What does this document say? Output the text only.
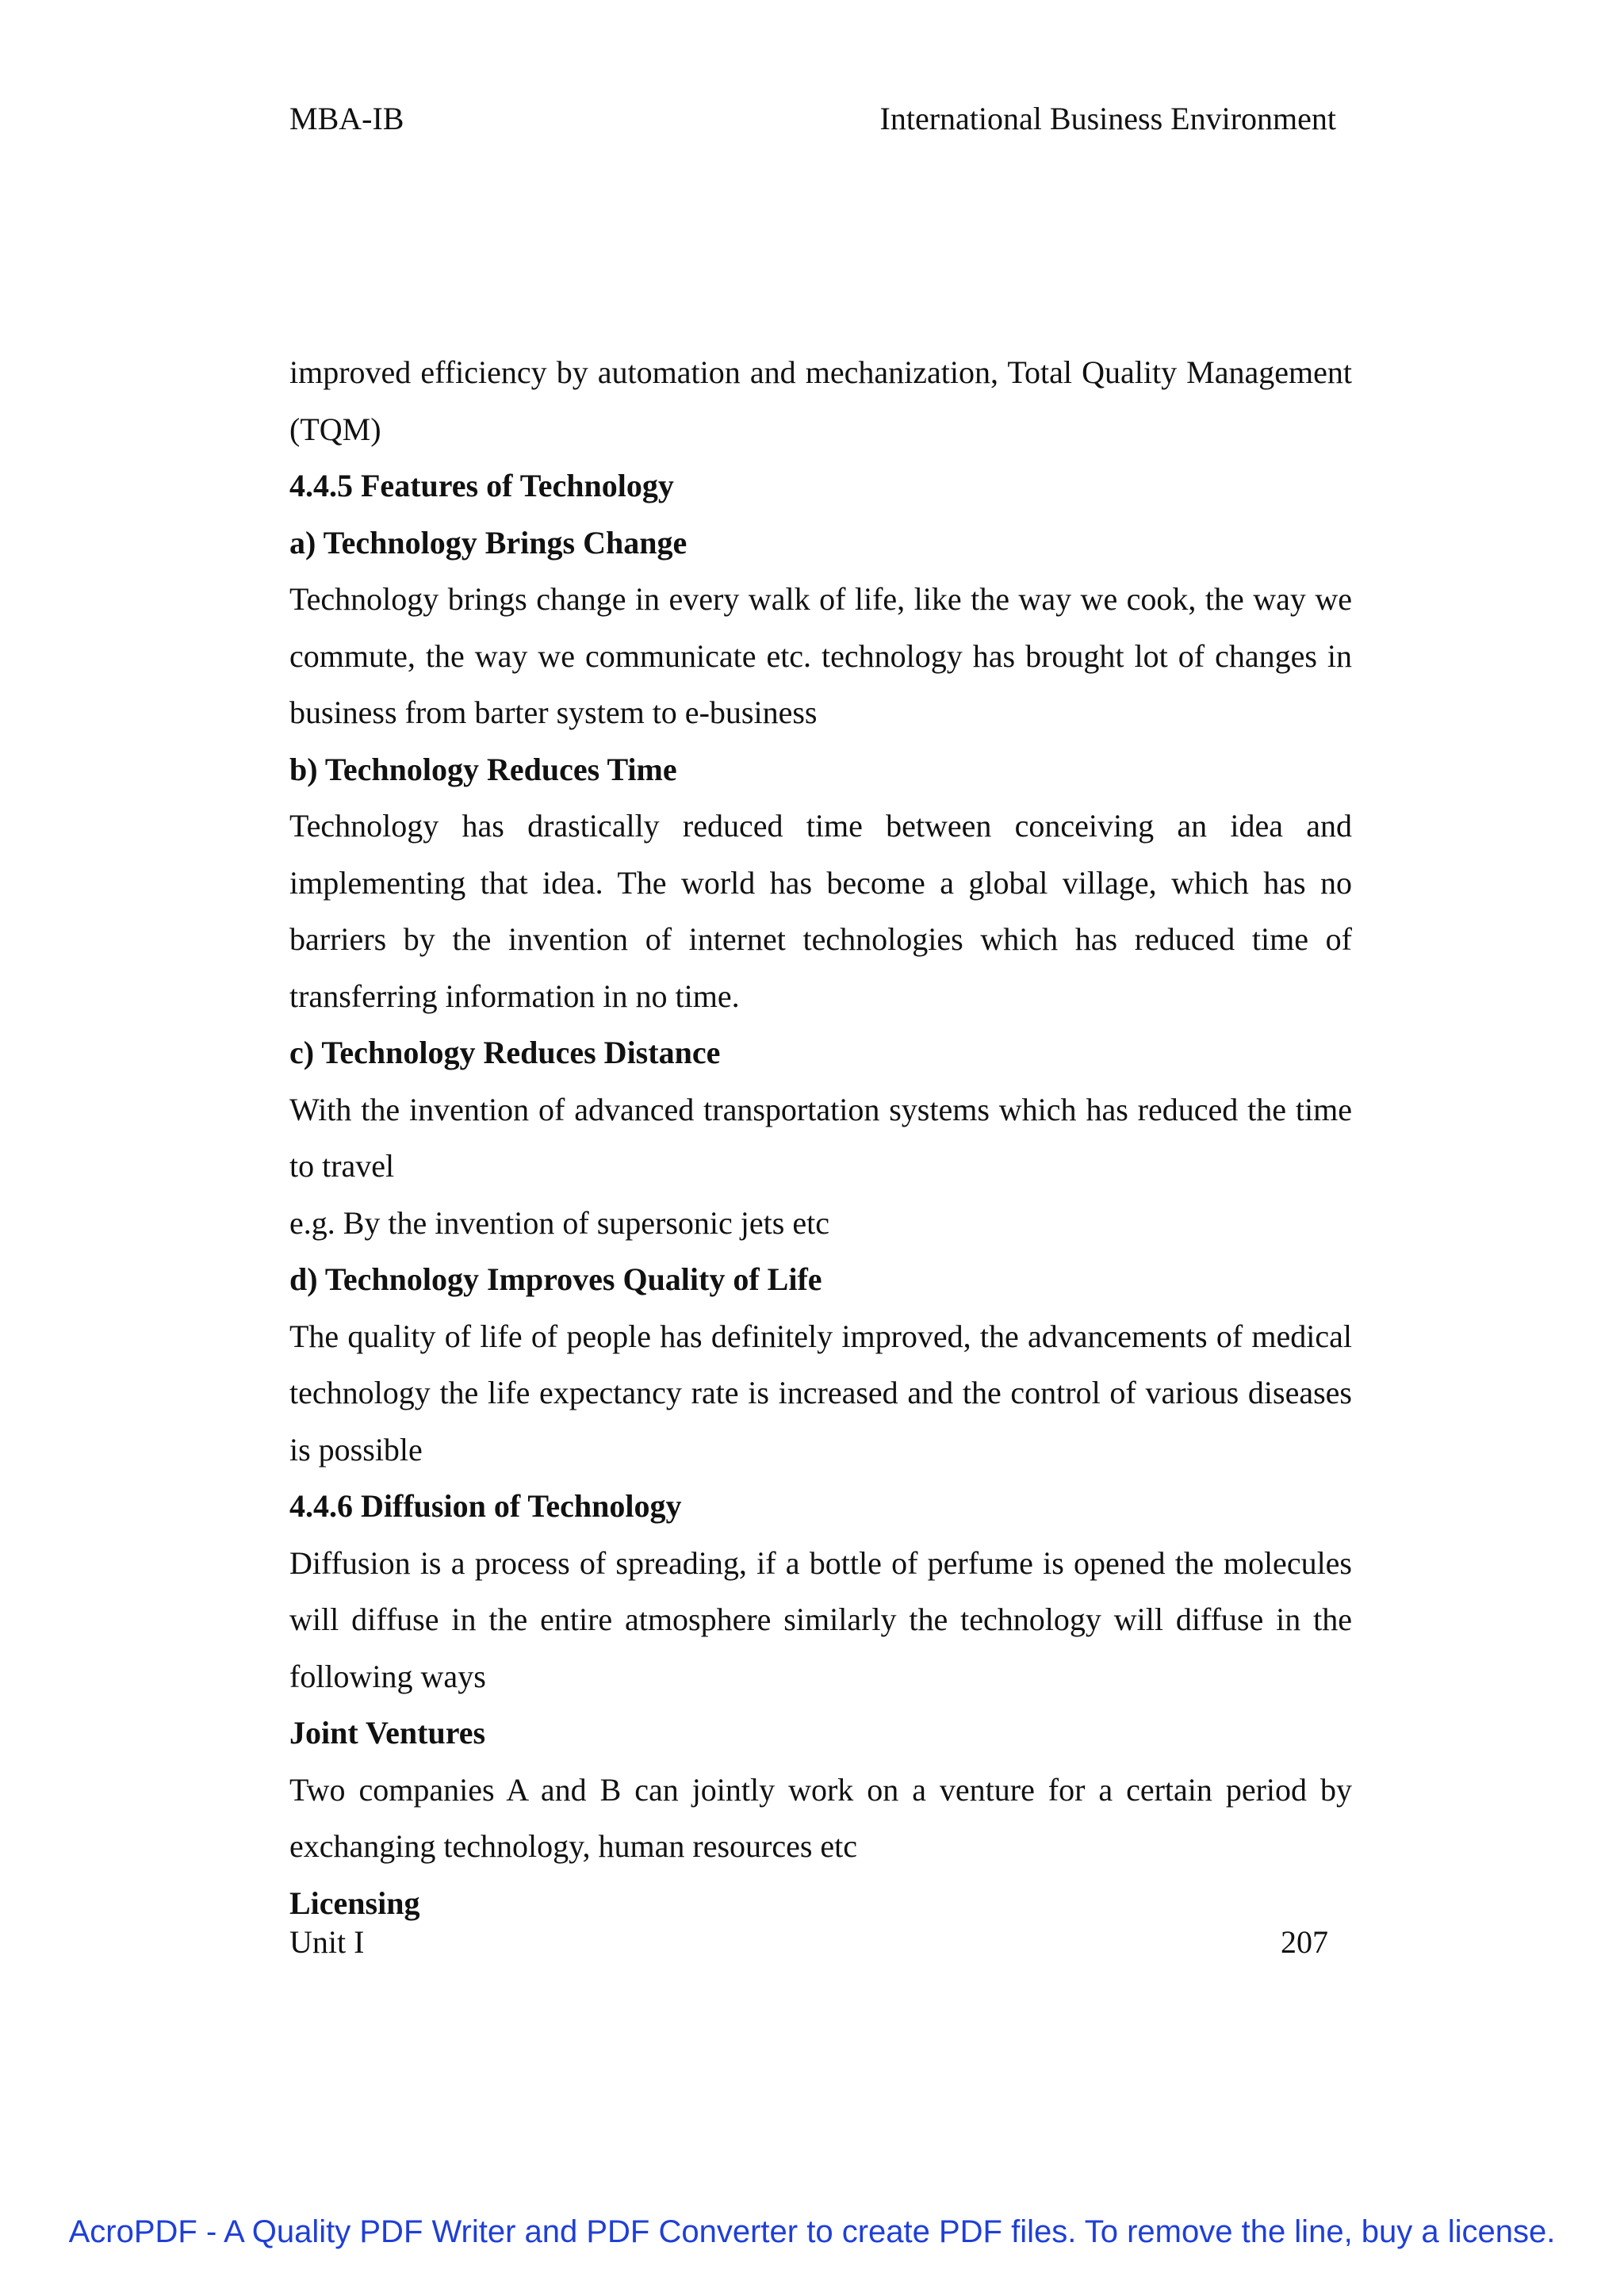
MBA-IB	International Business Environment

improved efficiency by automation and mechanization, Total Quality Management (TQM)

4.4.5 Features of Technology

a) Technology Brings Change

Technology brings change in every walk of life, like the way we cook, the way we commute, the way we communicate etc. technology has brought lot of changes in business from barter system to e-business

b) Technology Reduces Time

Technology has drastically reduced time between conceiving an idea and implementing that idea. The world has become a global village, which has no barriers by the invention of internet technologies which has reduced time of transferring information in no time.

c) Technology Reduces Distance

With the invention of advanced transportation systems which has reduced the time to travel

e.g. By the invention of supersonic jets etc

d) Technology Improves Quality of Life

The quality of life of people has definitely improved, the advancements of medical technology the life expectancy rate is increased and the control of various diseases is possible

4.4.6 Diffusion of Technology

Diffusion is a process of spreading, if a bottle of perfume is opened the molecules will diffuse in the entire atmosphere similarly the technology will diffuse in the following ways

Joint Ventures

Two companies A and B can jointly work on a venture for a certain period by exchanging technology, human resources etc

Licensing

Unit I	207
AcroPDF - A Quality PDF Writer and PDF Converter to create PDF files. To remove the line, buy a license.
